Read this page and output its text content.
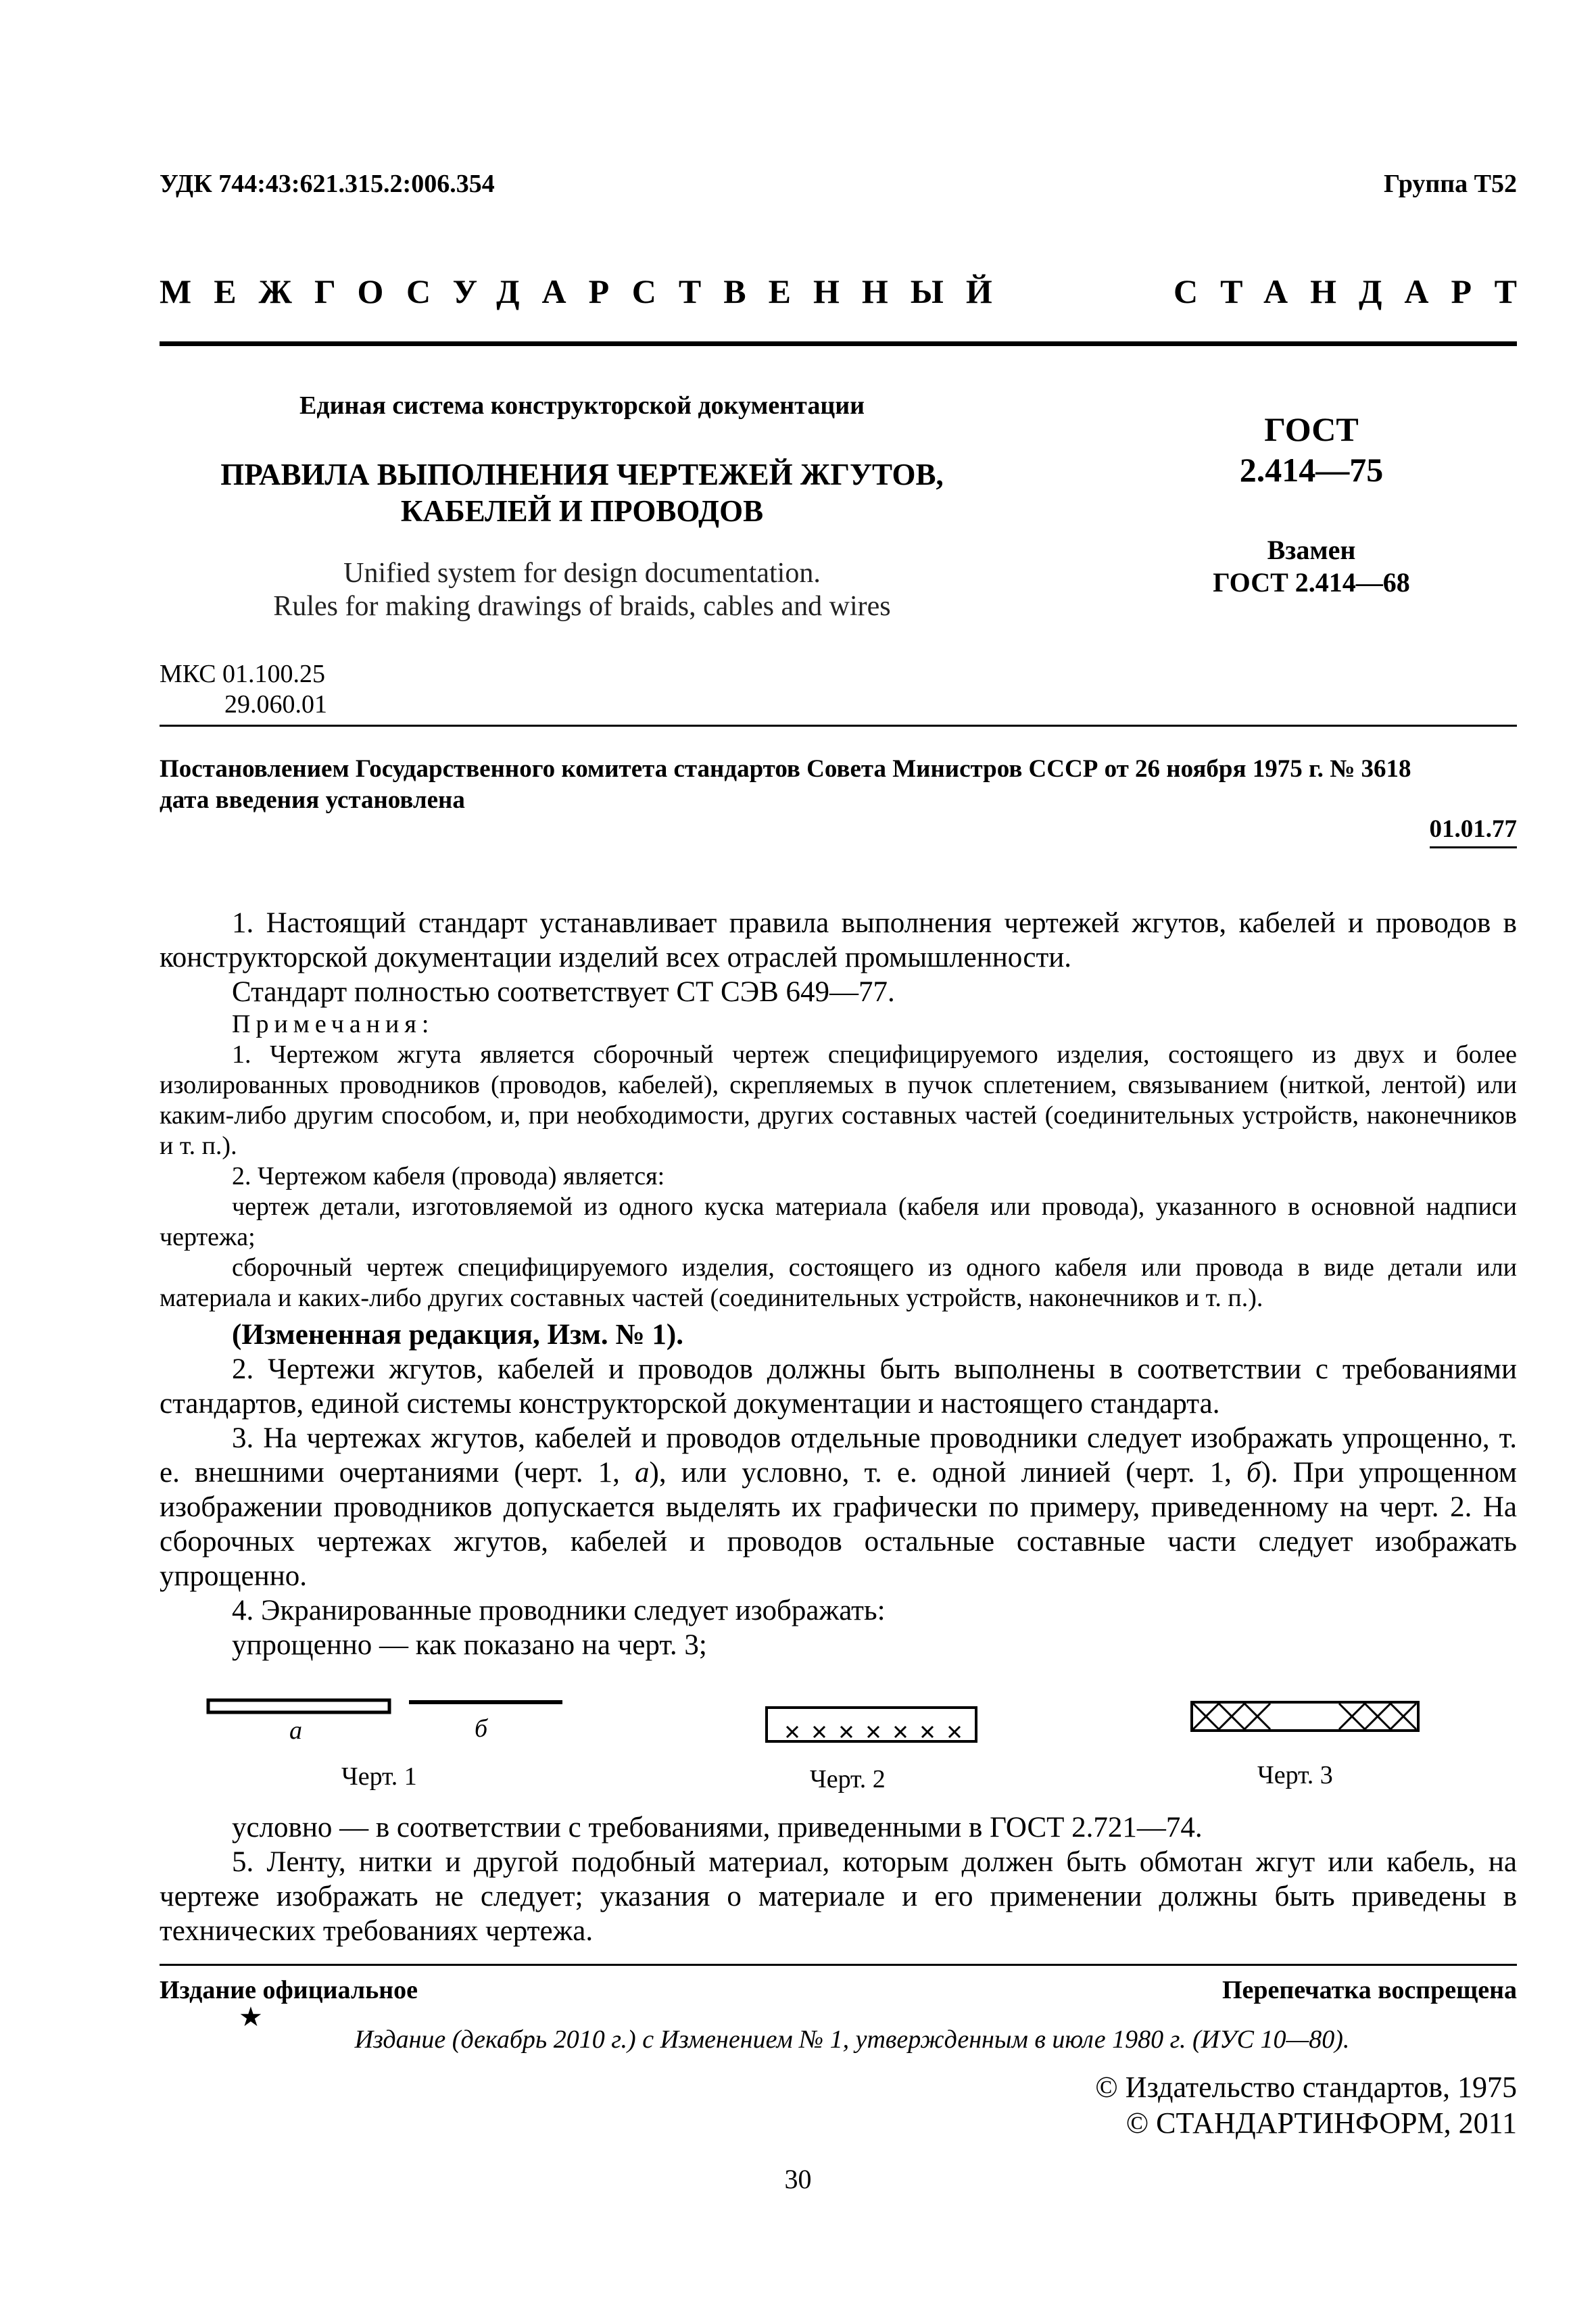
УДК 744:43:621.315.2:006.354	Группа Т52
МЕЖГОСУДАРСТВЕННЫЙ	СТАНДАРТ
Единая система конструкторской документации
ПРАВИЛА ВЫПОЛНЕНИЯ ЧЕРТЕЖЕЙ ЖГУТОВ,
КАБЕЛЕЙ И ПРОВОДОВ
Unified system for design documentation.
Rules for making drawings of braids, cables and wires
ГОСТ
2.414—75
Взамен
ГОСТ 2.414—68
МКС 01.100.25
29.060.01
Постановлением Государственного комитета стандартов Совета Министров СССР от 26 ноября 1975 г. № 3618
дата введения установлена
01.01.77

1. Настоящий стандарт устанавливает правила выполнения чертежей жгутов, кабелей и проводов в конструкторской документации изделий всех отраслей промышленности.

Стандарт полностью соответствует СТ СЭВ 649—77.

Примечания:

1. Чертежом жгута является сборочный чертеж специфицируемого изделия, состоящего из двух и более изолированных проводников (проводов, кабелей), скрепляемых в пучок сплетением, связыванием (ниткой, лентой) или каким-либо другим способом, и, при необходимости, других составных частей (соединительных устройств, наконечников и т. п.).

2. Чертежом кабеля (провода) является:

чертеж детали, изготовляемой из одного куска материала (кабеля или провода), указанного в основной надписи чертежа;

сборочный чертеж специфицируемого изделия, состоящего из одного кабеля или провода в виде детали или материала и каких-либо других составных частей (соединительных устройств, наконечников и т. п.).

(Измененная редакция, Изм. № 1).

2. Чертежи жгутов, кабелей и проводов должны быть выполнены в соответствии с требованиями стандартов, единой системы конструкторской документации и настоящего стандарта.

3. На чертежах жгутов, кабелей и проводов отдельные проводники следует изображать упрощенно, т. е. внешними очертаниями (черт. 1, а), или условно, т. е. одной линией (черт. 1, б). При упрощенном изображении проводников допускается выделять их графически по примеру, приведенному на черт. 2. На сборочных чертежах жгутов, кабелей и проводов остальные составные части следует изображать упрощенно.

4. Экранированные проводники следует изображать:

упрощенно — как показано на черт. 3;

а	б
Черт. 1	Черт. 2	Черт. 3

условно — в соответствии с требованиями, приведенными в ГОСТ 2.721—74.

5. Ленту, нитки и другой подобный материал, которым должен быть обмотан жгут или кабель, на чертеже изображать не следует; указания о материале и его применении должны быть приведены в технических требованиях чертежа.

Издание официальное	Перепечатка воспрещена
★
Издание (декабрь 2010 г.) с Изменением № 1, утвержденным в июле 1980 г. (ИУС 10—80).
© Издательство стандартов, 1975
© СТАНДАРТИНФОРМ, 2011
30
